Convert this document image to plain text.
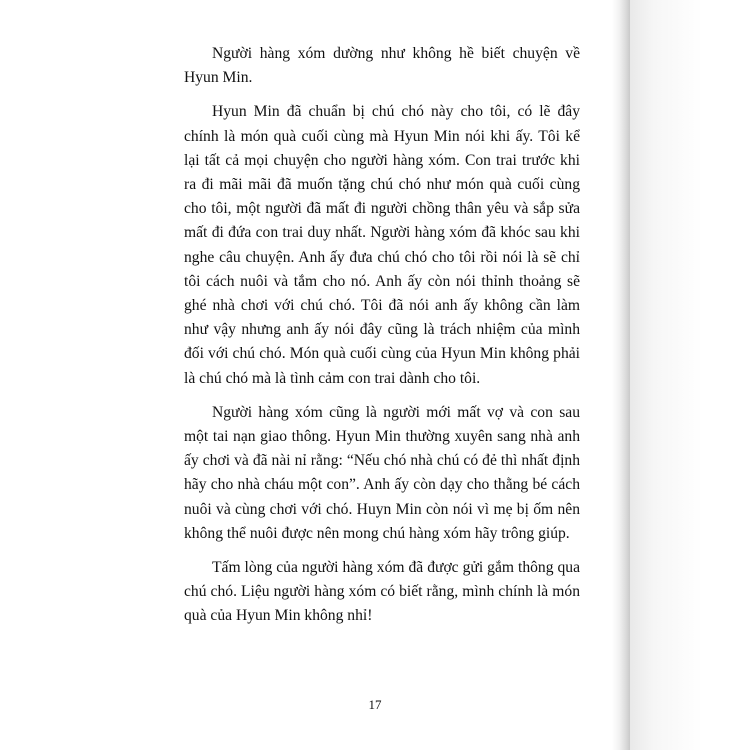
Người hàng xóm dường như không hề biết chuyện về Hyun Min.

Hyun Min đã chuẩn bị chú chó này cho tôi, có lẽ đây chính là món quà cuối cùng mà Hyun Min nói khi ấy. Tôi kể lại tất cả mọi chuyện cho người hàng xóm. Con trai trước khi ra đi mãi mãi đã muốn tặng chú chó như món quà cuối cùng cho tôi, một người đã mất đi người chồng thân yêu và sắp sửa mất đi đứa con trai duy nhất. Người hàng xóm đã khóc sau khi nghe câu chuyện. Anh ấy đưa chú chó cho tôi rồi nói là sẽ chỉ tôi cách nuôi và tắm cho nó. Anh ấy còn nói thỉnh thoảng sẽ ghé nhà chơi với chú chó. Tôi đã nói anh ấy không cần làm như vậy nhưng anh ấy nói đây cũng là trách nhiệm của mình đối với chú chó. Món quà cuối cùng của Hyun Min không phải là chú chó mà là tình cảm con trai dành cho tôi.

Người hàng xóm cũng là người mới mất vợ và con sau một tai nạn giao thông. Hyun Min thường xuyên sang nhà anh ấy chơi và đã nài nỉ rằng: “Nếu chó nhà chú có đẻ thì nhất định hãy cho nhà cháu một con”. Anh ấy còn dạy cho thằng bé cách nuôi và cùng chơi với chó. Huyn Min còn nói vì mẹ bị ốm nên không thể nuôi được nên mong chú hàng xóm hãy trông giúp.

Tấm lòng của người hàng xóm đã được gửi gắm thông qua chú chó. Liệu người hàng xóm có biết rằng, mình chính là món quà của Hyun Min không nhỉ!

17
